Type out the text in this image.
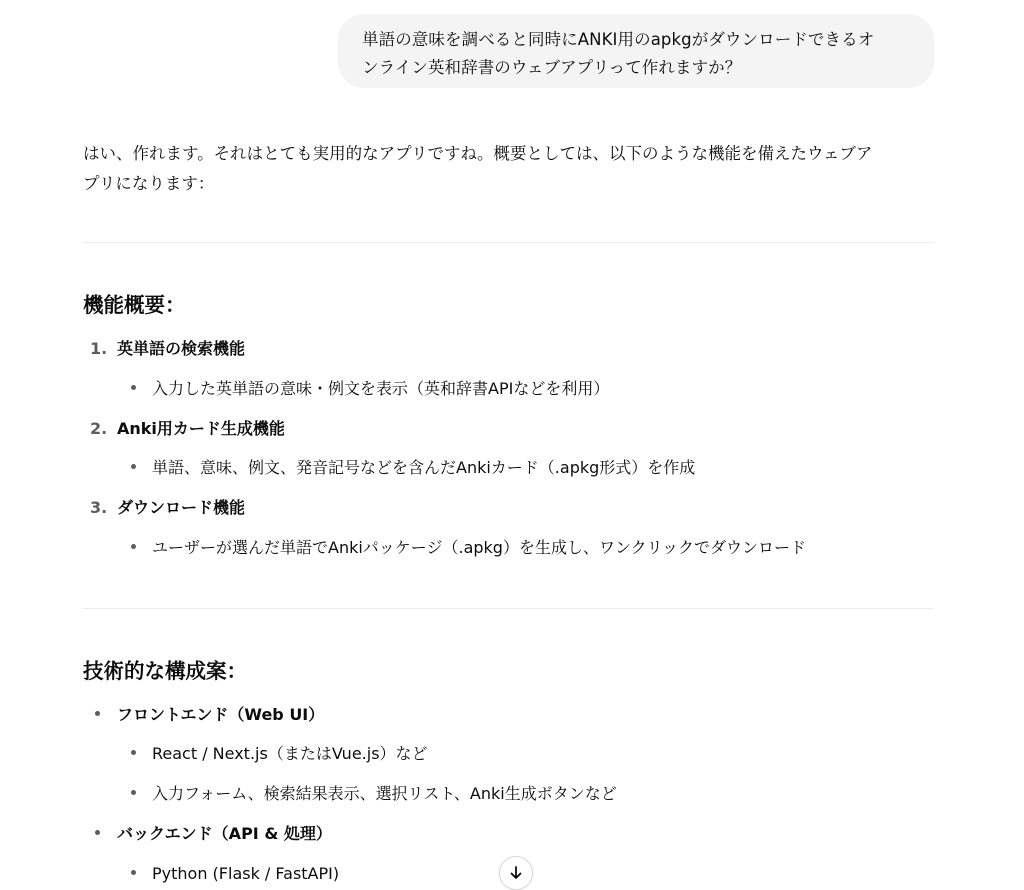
単語の意味を調べると同時にANKI用のapkgがダウンロードできるオ
ンライン英和辞書のウェブアプリって作れますか？
はい、作れます。それはとても実用的なアプリですね。概要としては、以下のような機能を備えたウェブア
プリになります：
機能概要：
1. 英単語の検索機能
入力した英単語の意味・例文を表示（英和辞書APIなどを利用）
2. Anki用カード生成機能
単語、意味、例文、発音記号などを含んだAnkiカード（.apkg形式）を作成
3. ダウンロード機能
ユーザーが選んだ単語でAnkiパッケージ（.apkg）を生成し、ワンクリックでダウンロード
技術的な構成案：
フロントエンド（Web UI）
React / Next.js（またはVue.js）など
入力フォーム、検索結果表示、選択リスト、Anki生成ボタンなど
バックエンド（API & 処理）
Python (Flask / FastAPI)
